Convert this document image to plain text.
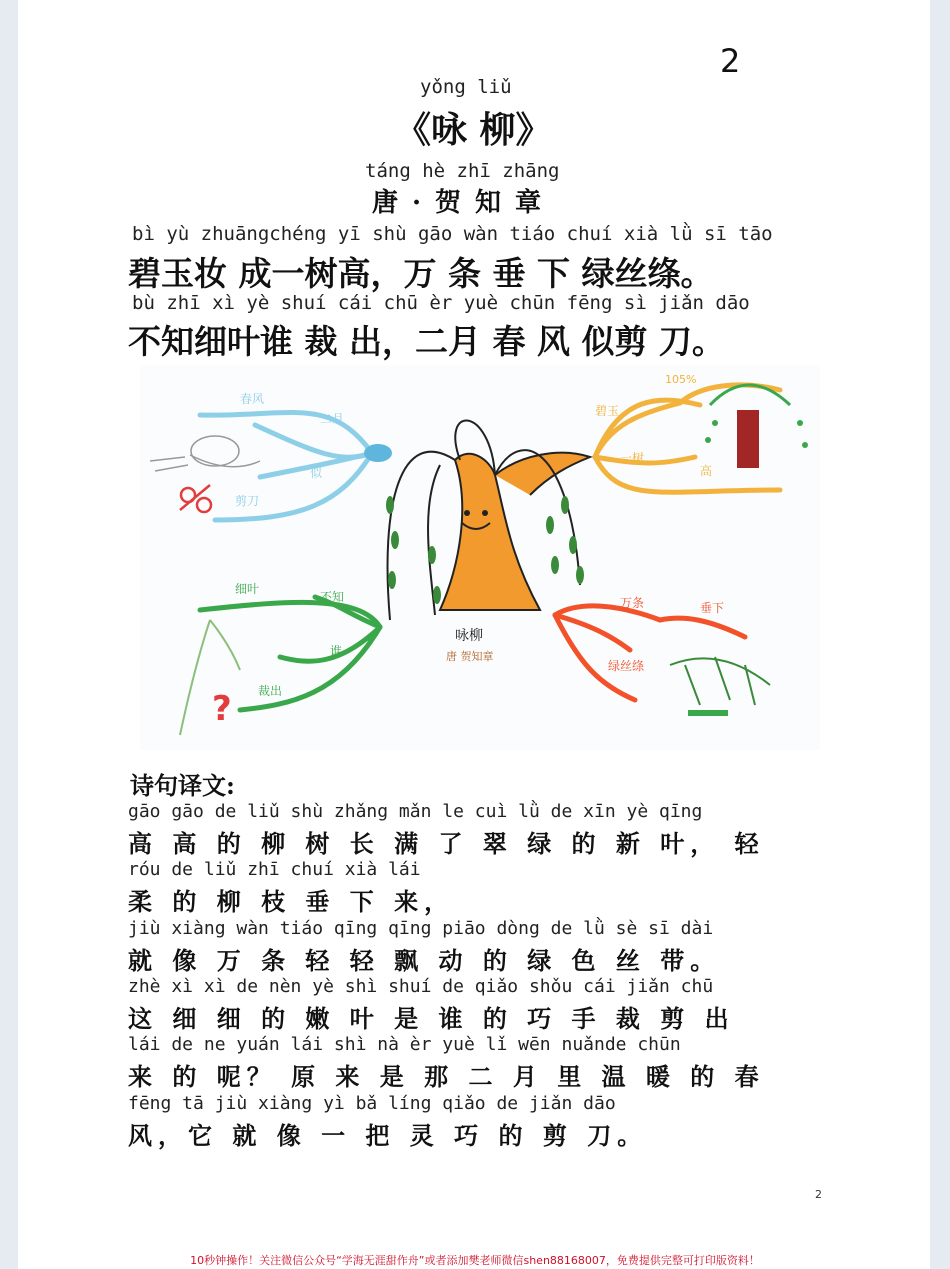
2
yǒng liǔ
《咏 柳》
táng hè zhī zhāng
唐·贺知章
bì yù zhuāngchéng yī shù gāo wàn tiáo chuí xià lǜ sī tāo
碧玉妆 成一树高，万 条 垂 下 绿丝绦。
bù zhī xì yè shuí cái chū èr yuè chūn fēng sì jiǎn dāo
不知细叶谁 裁 出，二月 春 风 似剪 刀。
春风
二月
似
剪刀
105%
碧玉
一树
高
咏柳
唐 贺知章
细叶
不知
谁
裁出
?
万条	垂下
绿丝绦
诗句译文:
gāo gāo de liǔ shù zhǎng mǎn le cuì lǜ de xīn yè qīng
高 高 的 柳 树 长 满 了 翠 绿 的 新 叶， 轻
róu de liǔ zhī chuí xià lái
柔 的 柳 枝 垂 下 来，
jiù xiàng wàn tiáo qīng qīng piāo dòng de lǜ sè sī dài
就 像 万 条 轻 轻 飘 动 的 绿 色 丝 带。
zhè xì xì de nèn yè shì shuí de qiǎo shǒu cái jiǎn chū
这 细 细 的 嫩 叶 是 谁 的 巧 手 裁 剪 出
lái de ne yuán lái shì nà èr yuè lǐ wēn nuǎnde chūn
来 的 呢？ 原 来 是 那 二 月 里 温 暖 的 春
fēng tā jiù xiàng yì bǎ líng qiǎo de jiǎn dāo
风，它 就 像 一 把 灵 巧 的 剪 刀。
2
10秒钟操作！关注微信公众号“学海无涯甜作舟”或者添加樊老师微信shen88168007，免费提供完整可打印版资料！
